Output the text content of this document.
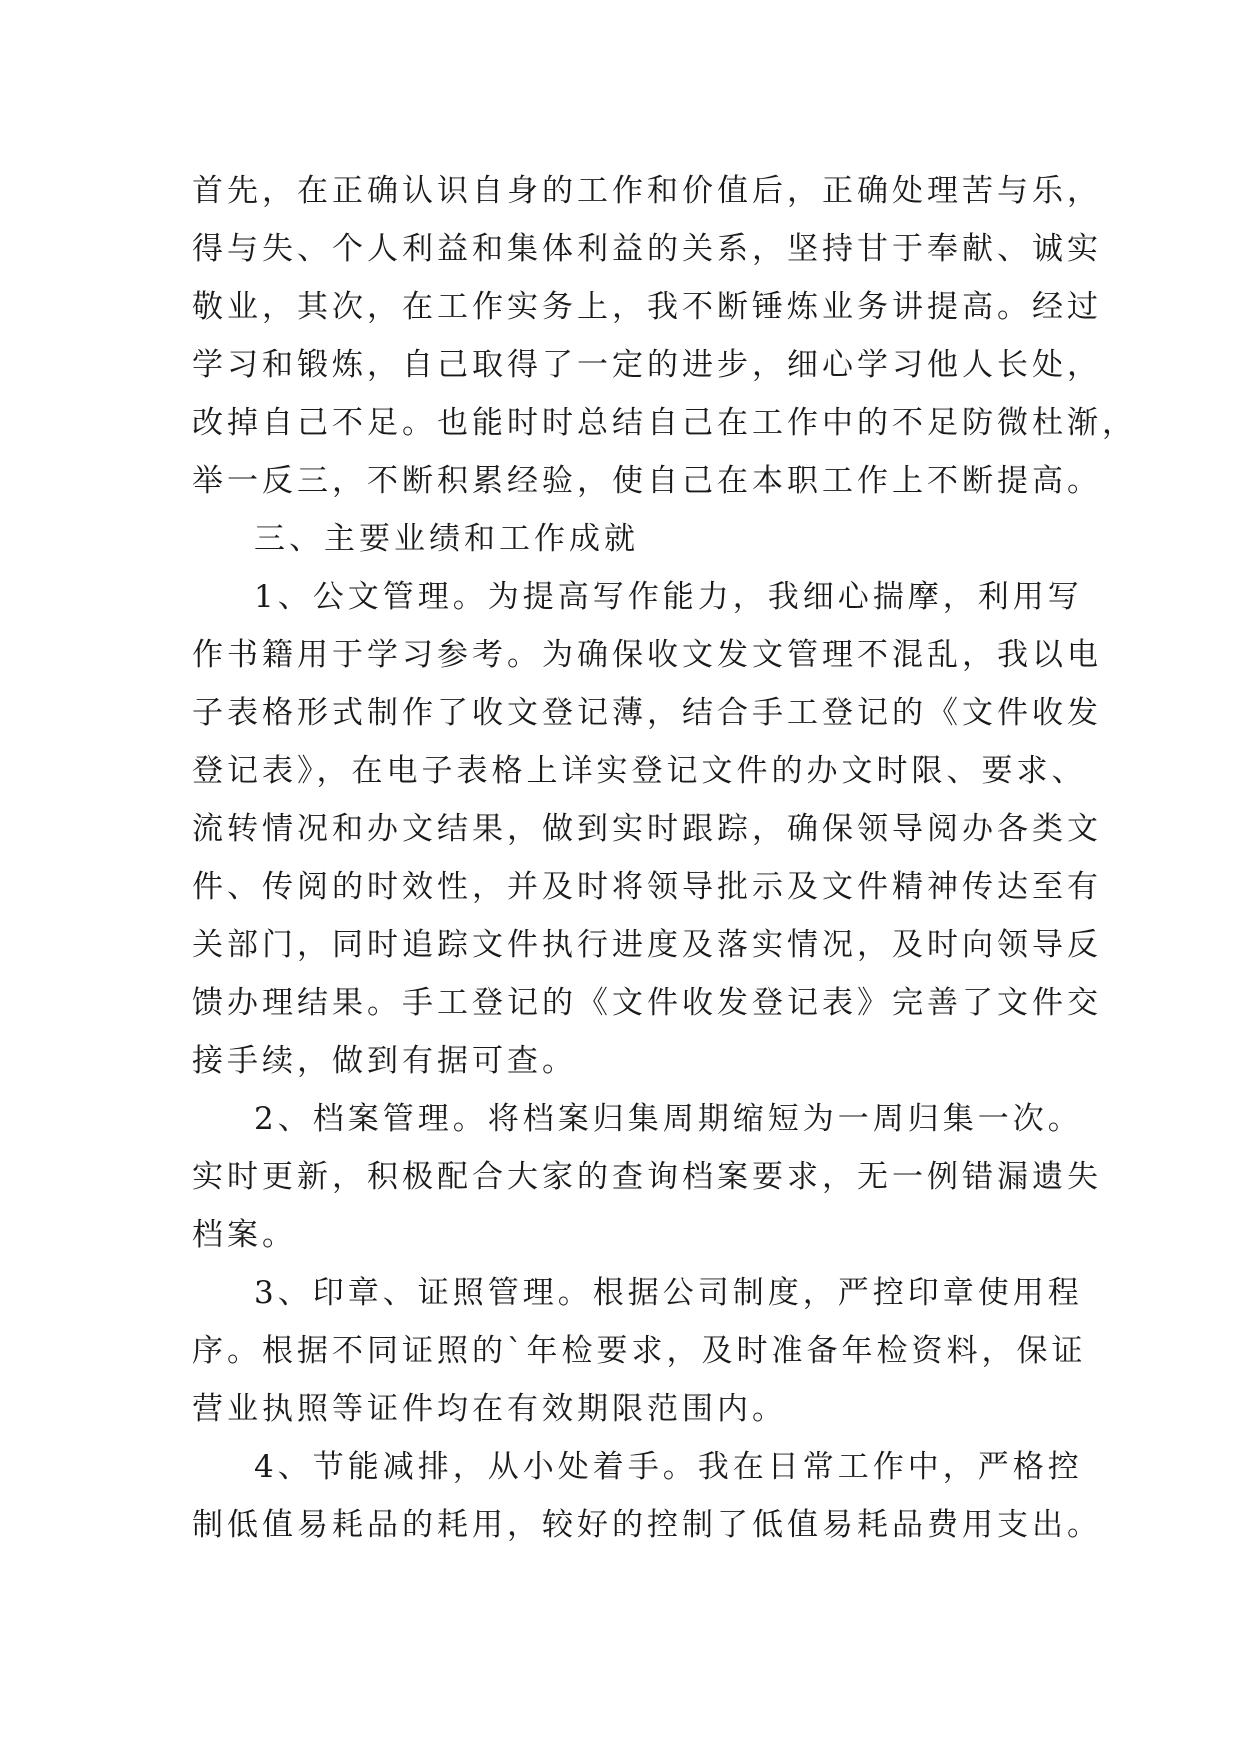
首先，在正确认识自身的工作和价值后，正确处理苦与乐，
得与失、个人利益和集体利益的关系，坚持甘于奉献、诚实
敬业，其次，在工作实务上，我不断锤炼业务讲提高。经过
学习和锻炼，自己取得了一定的进步，细心学习他人长处，
改掉自己不足。也能时时总结自己在工作中的不足防微杜渐，
举一反三，不断积累经验，使自己在本职工作上不断提高。
三、主要业绩和工作成就
1、公文管理。为提高写作能力，我细心揣摩，利用写
作书籍用于学习参考。为确保收文发文管理不混乱，我以电
子表格形式制作了收文登记薄，结合手工登记的《文件收发
登记表》，在电子表格上详实登记文件的办文时限、要求、
流转情况和办文结果，做到实时跟踪，确保领导阅办各类文
件、传阅的时效性，并及时将领导批示及文件精神传达至有
关部门，同时追踪文件执行进度及落实情况，及时向领导反
馈办理结果。手工登记的《文件收发登记表》完善了文件交
接手续，做到有据可查。
2、档案管理。将档案归集周期缩短为一周归集一次。
实时更新，积极配合大家的查询档案要求，无一例错漏遗失
档案。
3、印章、证照管理。根据公司制度，严控印章使用程
序。根据不同证照的`年检要求，及时准备年检资料，保证
营业执照等证件均在有效期限范围内。
4、节能减排，从小处着手。我在日常工作中，严格控
制低值易耗品的耗用，较好的控制了低值易耗品费用支出。
